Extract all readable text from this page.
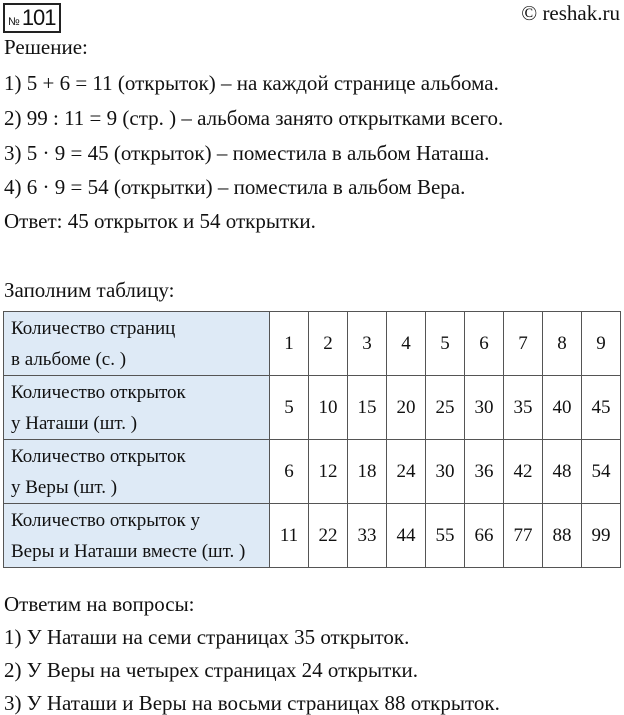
№ 101	© reshak.ru
Решение:
1) 5 + 6 = 11 (открыток) – на каждой странице альбома.
2) 99 : 11 = 9 (стр. ) – альбома занято открытками всего.
3) 5 · 9 = 45 (открыток) – поместила в альбом Наташа.
4) 6 · 9 = 54 (открытки) – поместила в альбом Вера.
Ответ: 45 открыток и 54 открытки.
Заполним таблицу:
Количество страниц
в альбоме (с. )	1	2	3	4	5	6	7	8	9

Количество открыток
у Наташи (шт. )	5	10	15	20	25	30	35	40	45

Количество открыток
у Веры (шт. )	6	12	18	24	30	36	42	48	54

Количество открыток у
Веры и Наташи вместе (шт. )	11	22	33	44	55	66	77	88	99
Ответим на вопросы:
1) У Наташи на семи страницах 35 открыток.
2) У Веры на четырех страницах 24 открытки.
3) У Наташи и Веры на восьми страницах 88 открыток.
